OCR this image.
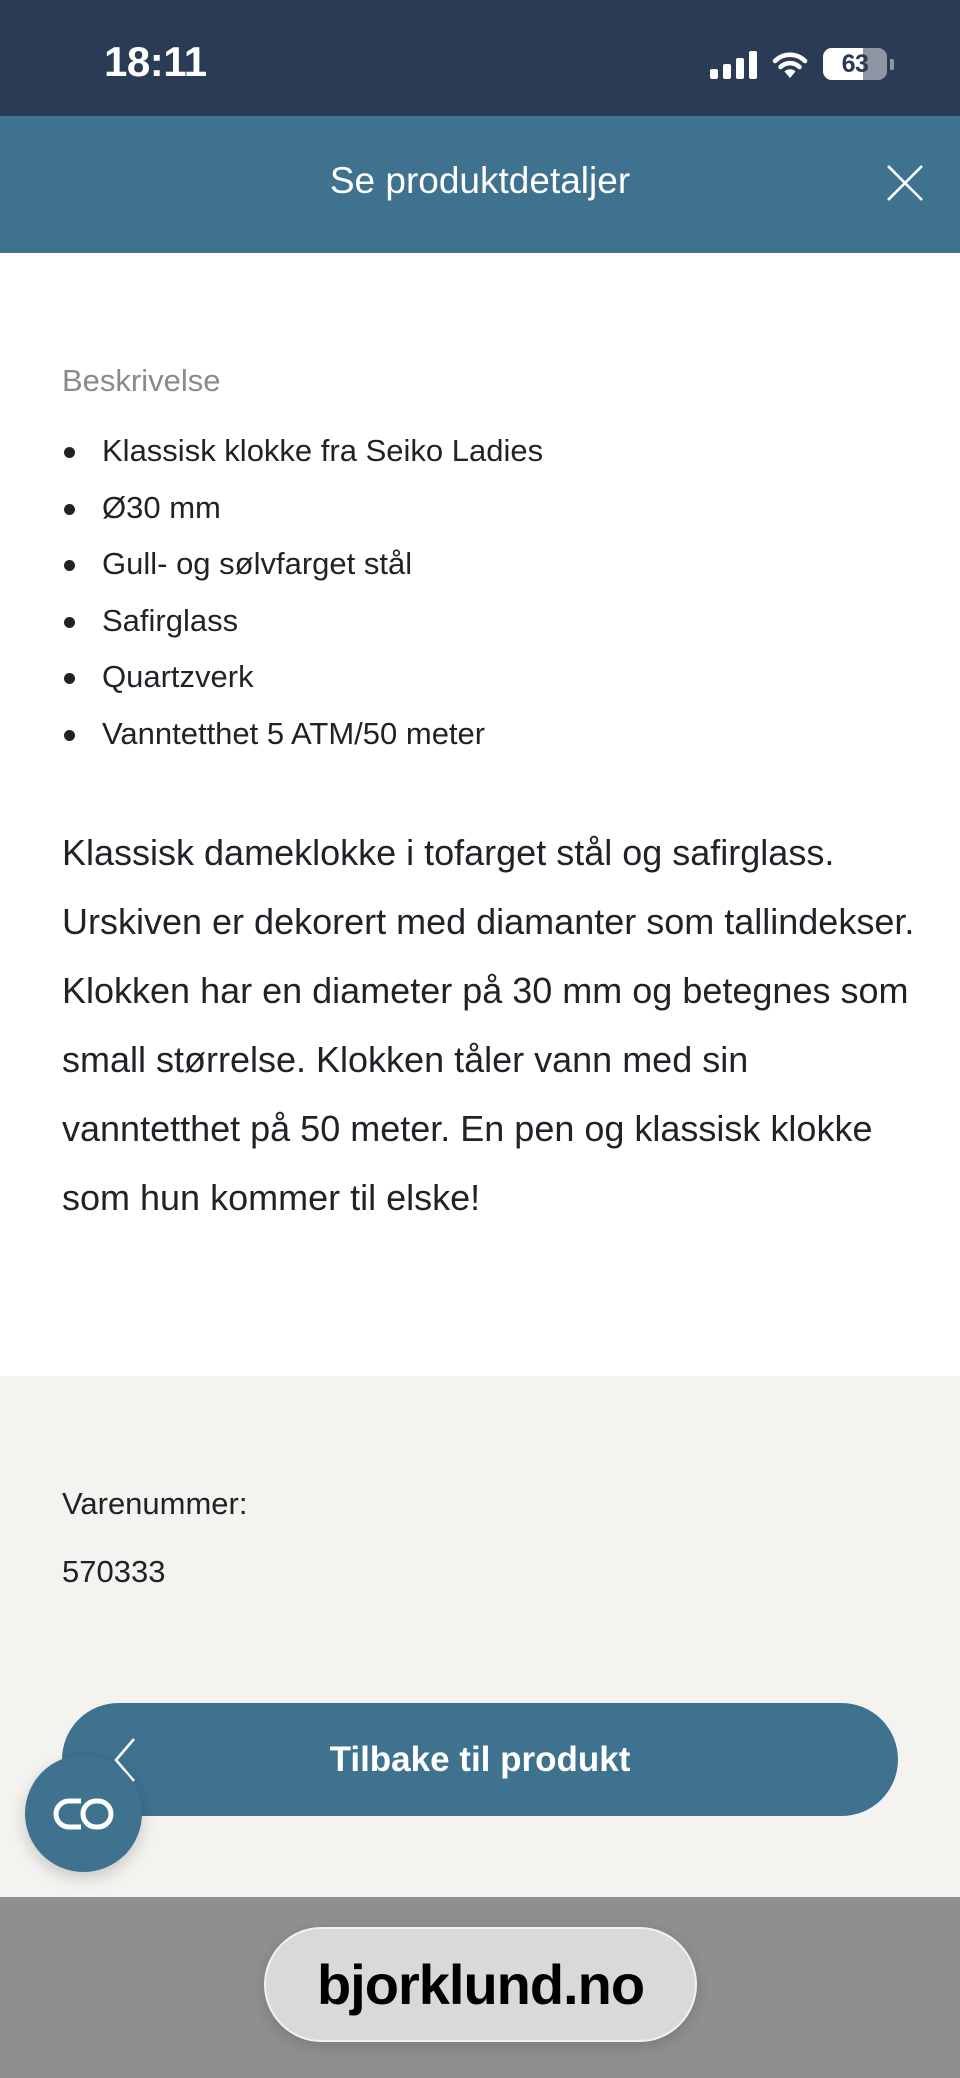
18:11	63
Se produktdetaljer
Beskrivelse
Klassisk klokke fra Seiko Ladies
Ø30 mm
Gull- og sølvfarget stål
Safirglass
Quartzverk
Vanntetthet 5 ATM/50 meter

Klassisk dameklokke i tofarget stål og safirglass. Urskiven er dekorert med diamanter som tallindekser. Klokken har en diameter på 30 mm og betegnes som small størrelse. Klokken tåler vann med sin vanntetthet på 50 meter. En pen og klassisk klokke som hun kommer til elske!

Varenummer:
570333
Tilbake til produkt
bjorklund.no
